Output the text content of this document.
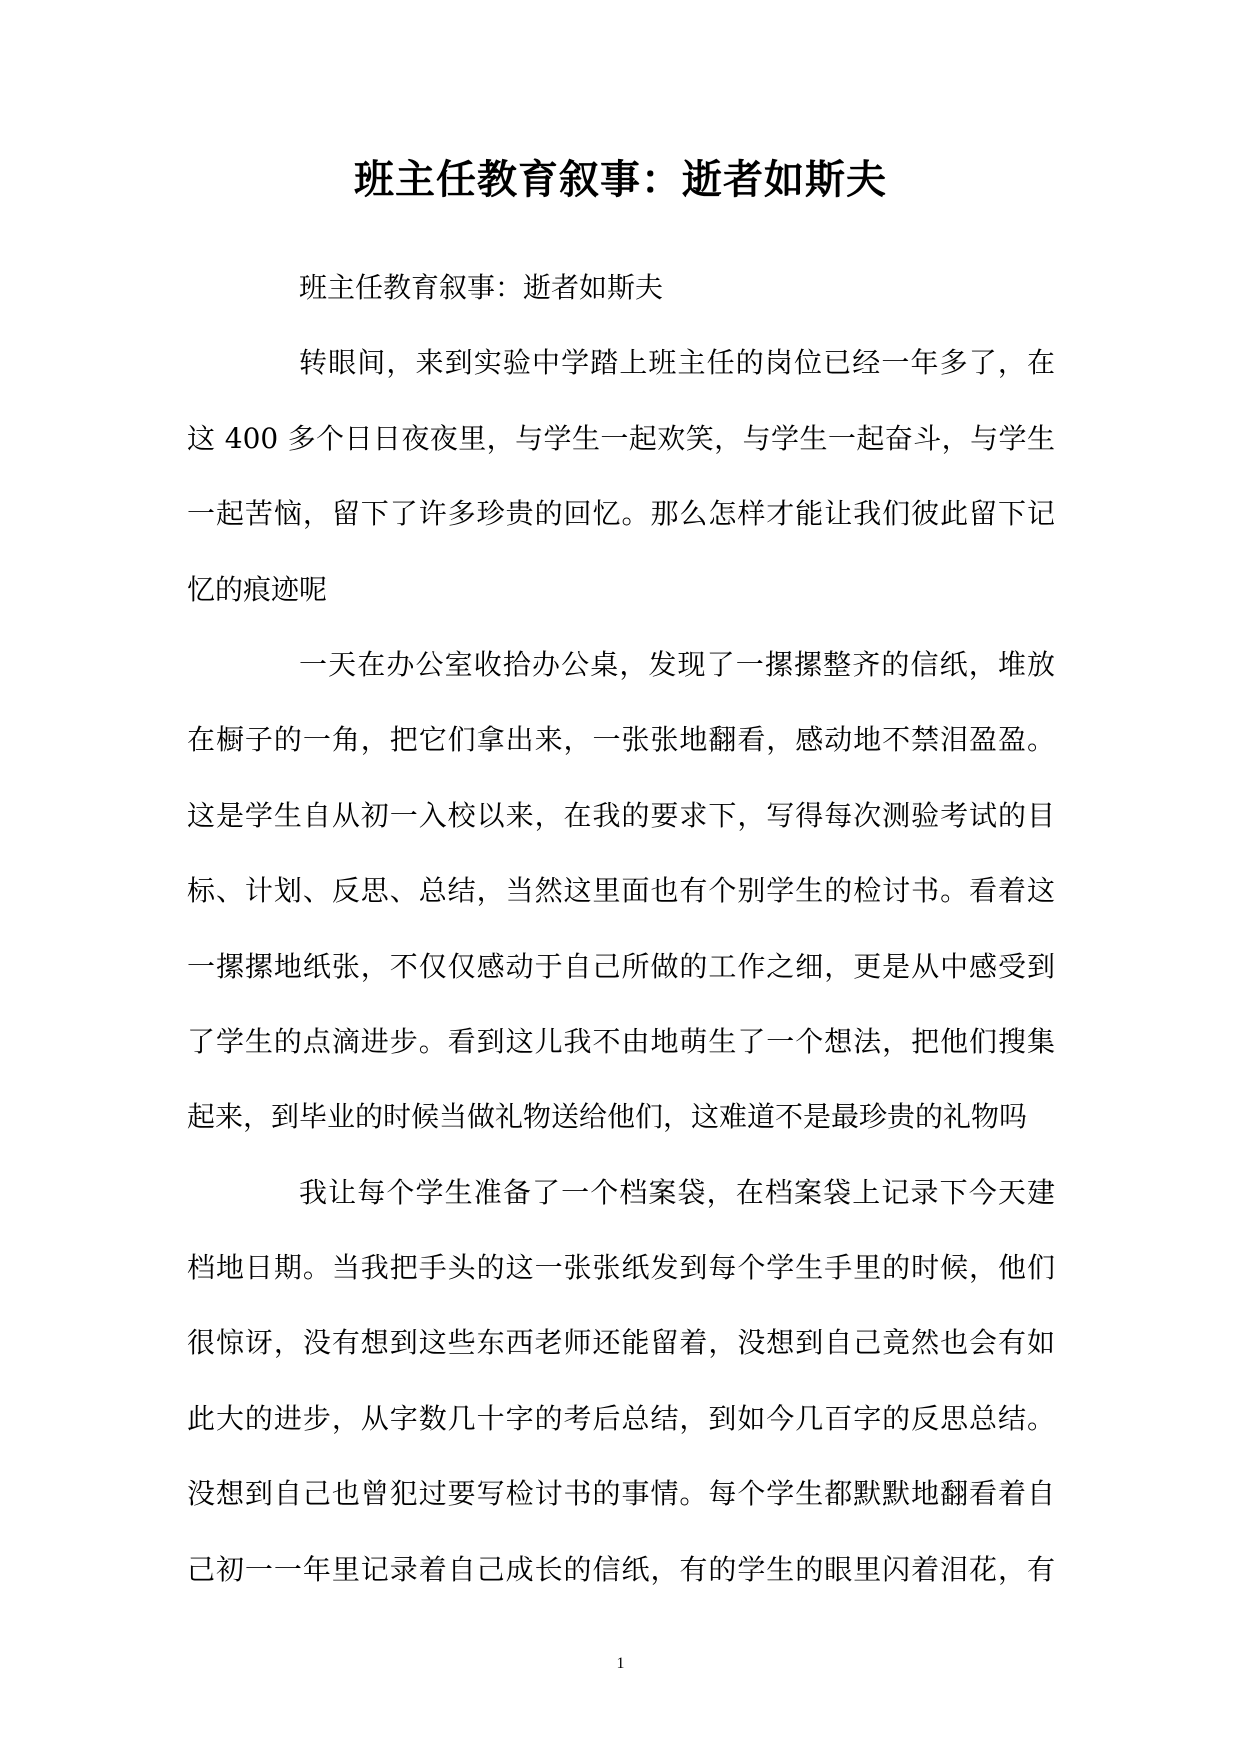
班主任教育叙事：逝者如斯夫
班主任教育叙事：逝者如斯夫
转眼间，来到实验中学踏上班主任的岗位已经一年多了，在
这 400 多个日日夜夜里，与学生一起欢笑，与学生一起奋斗，与学生
一起苦恼，留下了许多珍贵的回忆。那么怎样才能让我们彼此留下记
忆的痕迹呢
一天在办公室收拾办公桌，发现了一摞摞整齐的信纸，堆放
在橱子的一角，把它们拿出来，一张张地翻看，感动地不禁泪盈盈。
这是学生自从初一入校以来，在我的要求下，写得每次测验考试的目
标、计划、反思、总结，当然这里面也有个别学生的检讨书。看着这
一摞摞地纸张，不仅仅感动于自己所做的工作之细，更是从中感受到
了学生的点滴进步。看到这儿我不由地萌生了一个想法，把他们搜集
起来，到毕业的时候当做礼物送给他们，这难道不是最珍贵的礼物吗
我让每个学生准备了一个档案袋，在档案袋上记录下今天建
档地日期。当我把手头的这一张张纸发到每个学生手里的时候，他们
很惊讶，没有想到这些东西老师还能留着，没想到自己竟然也会有如
此大的进步，从字数几十字的考后总结，到如今几百字的反思总结。
没想到自己也曾犯过要写检讨书的事情。每个学生都默默地翻看着自
己初一一年里记录着自己成长的信纸，有的学生的眼里闪着泪花，有
1
